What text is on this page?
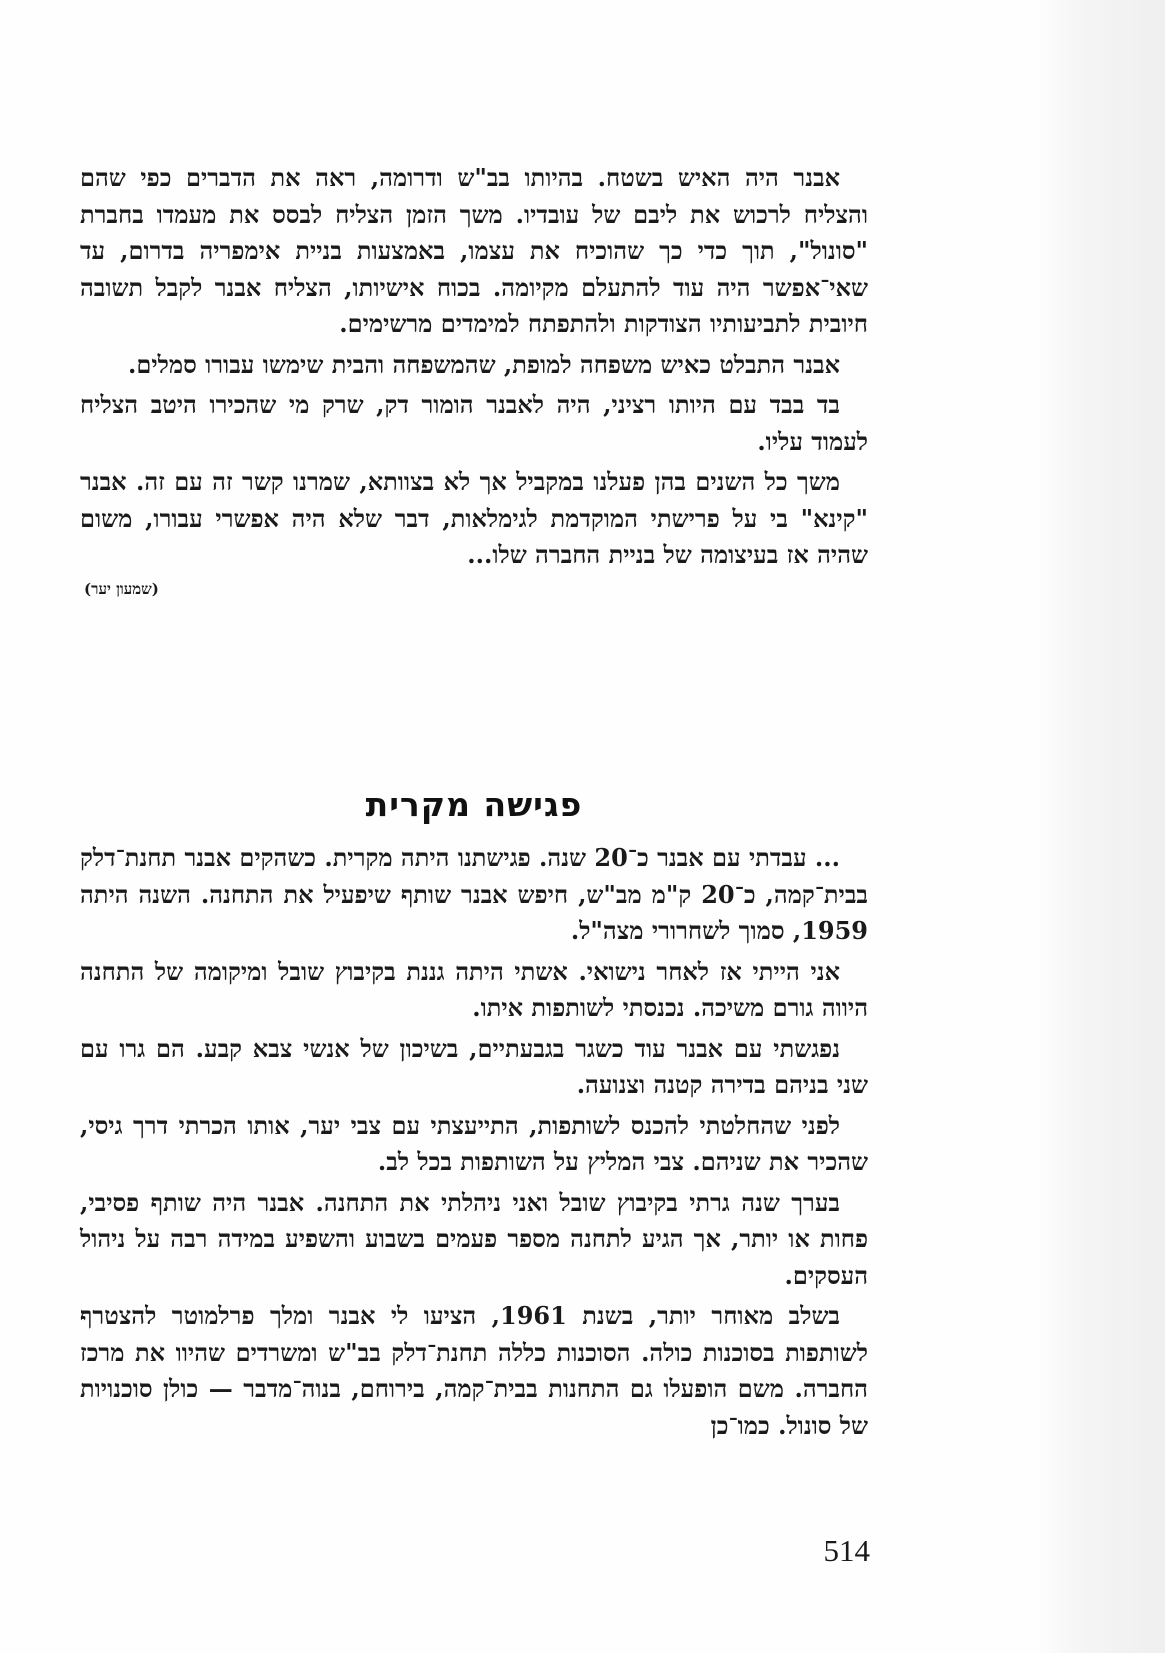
אבנר היה האיש בשטח. בהיותו בב"ש ודרומה, ראה את הדברים כפי שהם והצליח לרכוש את ליבם של עובדיו. משך הזמן הצליח לבסס את מעמדו בחברת "סונול", תוך כדי כך שהוכיח את עצמו, באמצעות בניית אימפריה בדרום, עד שאי־אפשר היה עוד להתעלם מקיומה. בכוח אישיותו, הצליח אבנר לקבל תשובה חיובית לתביעותיו הצודקות ולהתפתח למימדים מרשימים.

אבנר התבלט כאיש משפחה למופת, שהמשפחה והבית שימשו עבורו סמלים.

בד בבד עם היותו רציני, היה לאבנר הומור דק, שרק מי שהכירו היטב הצליח לעמוד עליו.

משך כל השנים בהן פעלנו במקביל אך לא בצוותא, שמרנו קשר זה עם זה. אבנר "קינא" בי על פרישתי המוקדמת לגימלאות, דבר שלא היה אפשרי עבורו, משום שהיה אז בעיצומה של בניית החברה שלו...

(שמעון יער)
פגישה מקרית

... עבדתי עם אבנר כ־20 שנה. פגישתנו היתה מקרית. כשהקים אבנר תחנת־דלק בבית־קמה, כ־20 ק"מ מב"ש, חיפש אבנר שותף שיפעיל את התחנה. השנה היתה 1959, סמוך לשחרורי מצה"ל.

אני הייתי אז לאחר נישואי. אשתי היתה גננת בקיבוץ שובל ומיקומה של התחנה היווה גורם משיכה. נכנסתי לשותפות איתו.

נפגשתי עם אבנר עוד כשגר בגבעתיים, בשיכון של אנשי צבא קבע. הם גרו עם שני בניהם בדירה קטנה וצנועה.

לפני שהחלטתי להכנס לשותפות, התייעצתי עם צבי יער, אותו הכרתי דרך גיסי, שהכיר את שניהם. צבי המליץ על השותפות בכל לב.

בערך שנה גרתי בקיבוץ שובל ואני ניהלתי את התחנה. אבנר היה שותף פסיבי, פחות או יותר, אך הגיע לתחנה מספר פעמים בשבוע והשפיע במידה רבה על ניהול העסקים.

בשלב מאוחר יותר, בשנת 1961, הציעו לי אבנר ומלך פרלמוטר להצטרף לשותפות בסוכנות כולה. הסוכנות כללה תחנת־דלק בב"ש ומשרדים שהיוו את מרכז החברה. משם הופעלו גם התחנות בבית־קמה, בירוחם, בנוה־מדבר — כולן סוכנויות של סונול. כמו־כן

514
